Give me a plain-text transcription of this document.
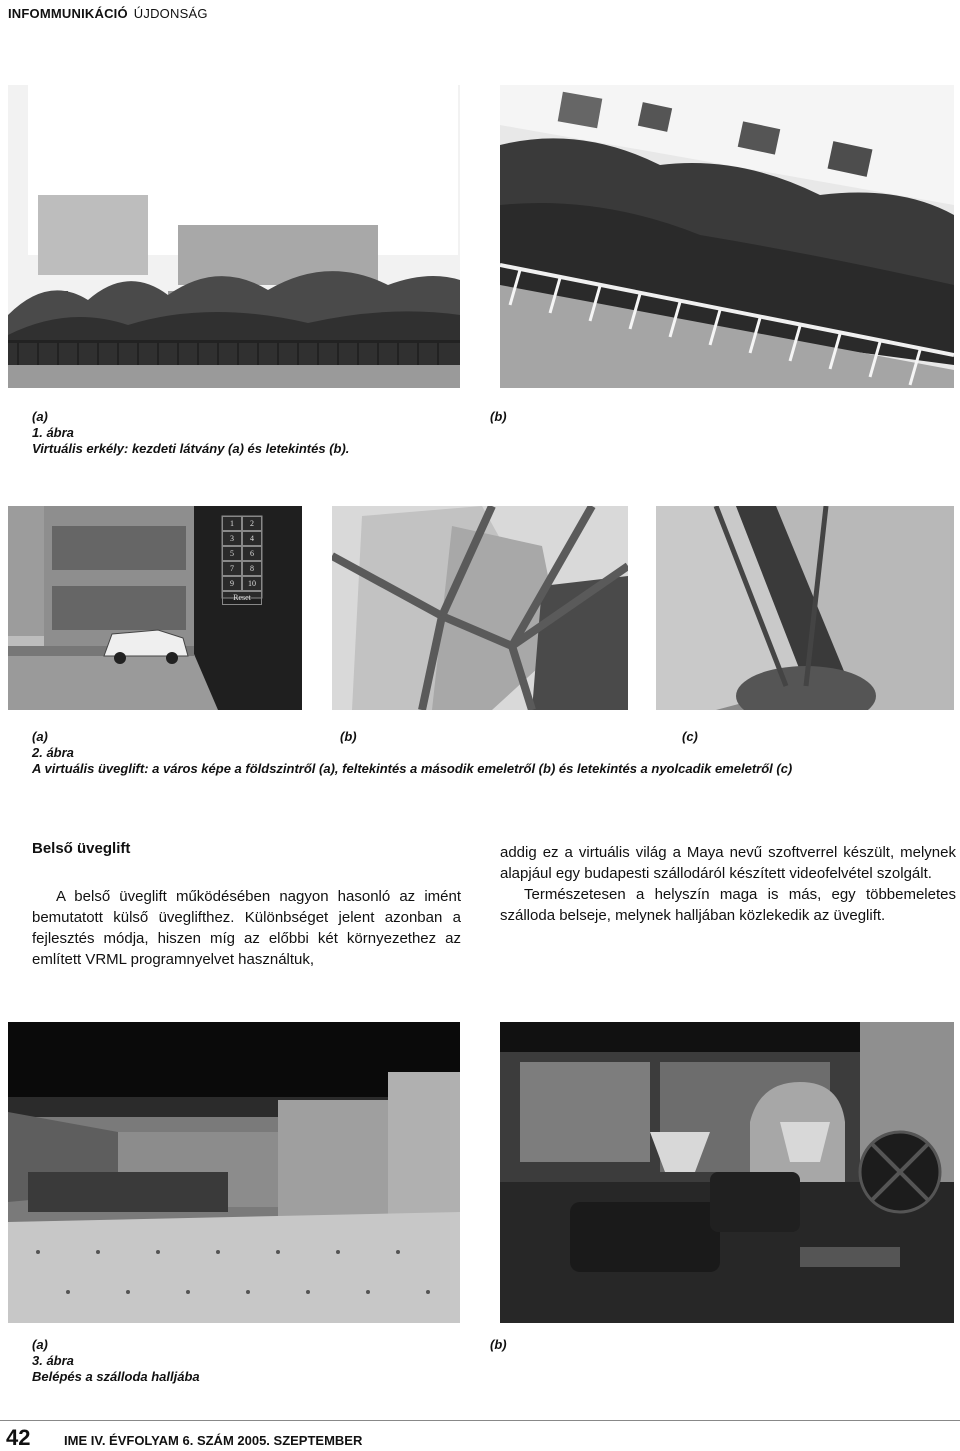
INFOMMUNIKÁCIÓ ÚJDONSÁG
(a)	(b)
1. ábra
Virtuális erkély: kezdeti látvány (a) és letekintés (b).
1	2
3	4
5	6
7	8
9	10
Reset
(a)	(b)	(c)
2. ábra
A virtuális üveglift: a város képe a földszintről (a), feltekintés a második emeletről (b) és letekintés a nyolcadik emeletről (c)
Belső üveglift

A belső üveglift működésében nagyon hasonló az imént bemutatott külső üveglifthez. Különbséget jelent azonban a fejlesztés módja, hiszen míg az előbbi két környezethez az említett VRML programnyelvet használtuk,

addig ez a virtuális világ a Maya nevű szoftverrel készült, melynek alapjául egy budapesti szállodáról készített videofelvétel szolgált.

Természetesen a helyszín maga is más, egy többemeletes szálloda belseje, melynek halljában közlekedik az üveglift.

(a)	(b)
3. ábra
Belépés a szálloda halljába
42	IME IV. ÉVFOLYAM 6. SZÁM 2005. SZEPTEMBER
